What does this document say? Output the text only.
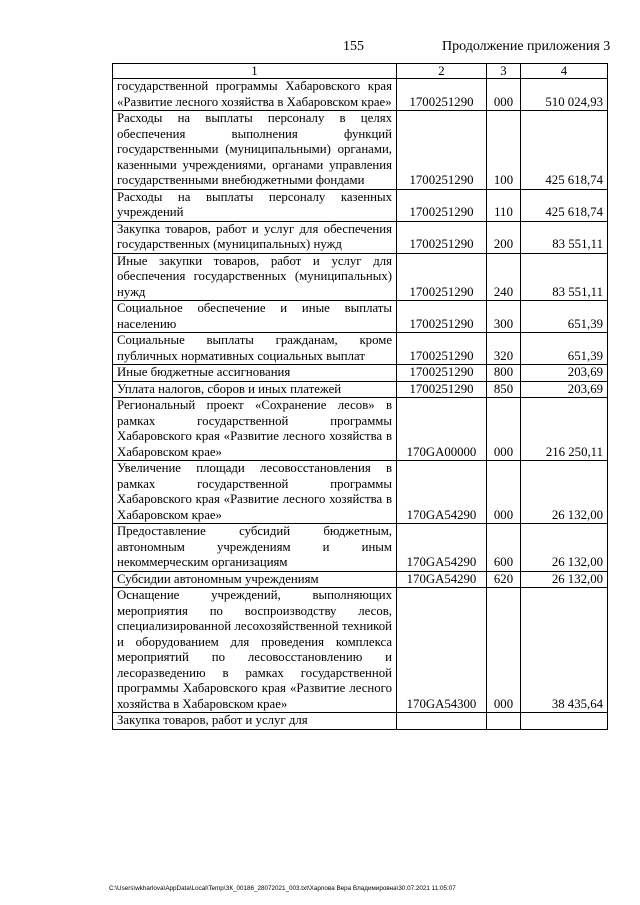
155	Продолжение приложения 3
1	2	3	4
государственной программы Хабаровского края «Развитие лесного хозяйства в Хабаровском крае»	1700251290	000	510 024,93
Расходы на выплаты персоналу в целях обеспечения выполнения функций государственными (муниципальными) органами, казенными учреждениями, органами управления государственными внебюджетными фондами	1700251290	100	425 618,74
Расходы на выплаты персоналу казенных учреждений	1700251290	110	425 618,74
Закупка товаров, работ и услуг для обеспечения государственных (муниципальных) нужд	1700251290	200	83 551,11
Иные закупки товаров, работ и услуг для обеспечения государственных (муниципальных) нужд	1700251290	240	83 551,11
Социальное обеспечение и иные выплаты населению	1700251290	300	651,39
Социальные выплаты гражданам, кроме публичных нормативных социальных выплат	1700251290	320	651,39
Иные бюджетные ассигнования	1700251290	800	203,69
Уплата налогов, сборов и иных платежей	1700251290	850	203,69
Региональный проект «Сохранение лесов» в рамках государственной программы Хабаровского края «Развитие лесного хозяйства в Хабаровском крае»	170GA00000	000	216 250,11
Увеличение площади лесовосстановления в рамках государственной программы Хабаровского края «Развитие лесного хозяйства в Хабаровском крае»	170GA54290	000	26 132,00
Предоставление субсидий бюджетным, автономным учреждениям и иным некоммерческим организациям	170GA54290	600	26 132,00
Субсидии автономным учреждениям	170GA54290	620	26 132,00
Оснащение учреждений, выполняющих мероприятия по воспроизводству лесов, специализированной лесохозяйственной техникой и оборудованием для проведения комплекса мероприятий по лесовосстановлению и лесоразведению в рамках государственной программы Хабаровского края «Развитие лесного хозяйства в Хабаровском крае»	170GA54300	000	38 435,64
Закупка товаров, работ и услуг для			
C:\Users\wkharlova\AppData\Local\Temp\ЗК_00186_28072021_003.txt\Харлова Вера Владимировна\30.07.2021 11:05:07
